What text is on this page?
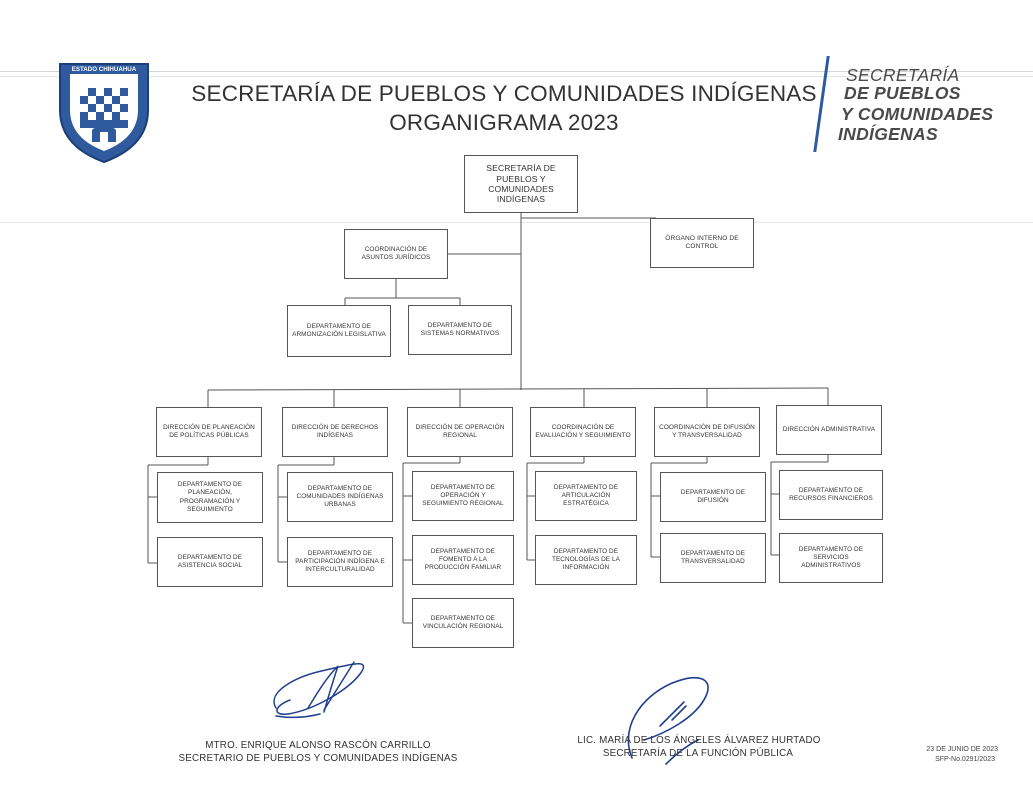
ESTADO CHIHUAHUA
SECRETARÍA DE PUEBLOS Y COMUNIDADES INDÍGENAS
ORGANIGRAMA 2023
SECRETARÍA
DE PUEBLOS
Y COMUNIDADES
INDÍGENAS
SECRETARÍA DE PUEBLOS Y COMUNIDADES INDÍGENAS
ÓRGANO INTERNO DE CONTROL
COORDINACIÓN DE ASUNTOS JURÍDICOS
DEPARTAMENTO DE ARMONIZACIÓN LEGISLATIVA
DEPARTAMENTO DE SISTEMAS NORMATIVOS
DIRECCIÓN DE PLANEACIÓN DE POLÍTICAS PÚBLICAS
DIRECCIÓN DE DERECHOS INDÍGENAS
DIRECCIÓN DE OPERACIÓN REGIONAL
COORDINACIÓN DE EVALUACIÓN Y SEGUIMIENTO
COORDINACIÓN DE DIFUSIÓN Y TRANSVERSALIDAD
DIRECCIÓN ADMINISTRATIVA
DEPARTAMENTO DE PLANEACIÓN, PROGRAMACIÓN Y SEGUIMIENTO
DEPARTAMENTO DE ASISTENCIA SOCIAL
DEPARTAMENTO DE COMUNIDADES INDÍGENAS URBANAS
DEPARTAMENTO DE PARTICIPACIÓN INDÍGENA E INTERCULTURALIDAD
DEPARTAMENTO DE OPERACIÓN Y SEGUIMIENTO REGIONAL
DEPARTAMENTO DE FOMENTO A LA PRODUCCIÓN FAMILIAR
DEPARTAMENTO DE VINCULACIÓN REGIONAL
DEPARTAMENTO DE ARTICULACIÓN ESTRATÉGICA
DEPARTAMENTO DE TECNOLOGÍAS DE LA INFORMACIÓN
DEPARTAMENTO DE DIFUSIÓN
DEPARTAMENTO DE TRANSVERSALIDAD
DEPARTAMENTO DE RECURSOS FINANCIEROS
DEPARTAMENTO DE SERVICIOS ADMINISTRATIVOS
MTRO. ENRIQUE ALONSO RASCÓN CARRILLO
SECRETARIO DE PUEBLOS Y COMUNIDADES INDÍGENAS
LIC. MARÍA DE LOS ÁNGELES ÁLVAREZ HURTADO
SECRETARÍA DE LA FUNCIÓN PÚBLICA	23 DE JUNIO DE 2023
SFP-No.0291/2023
